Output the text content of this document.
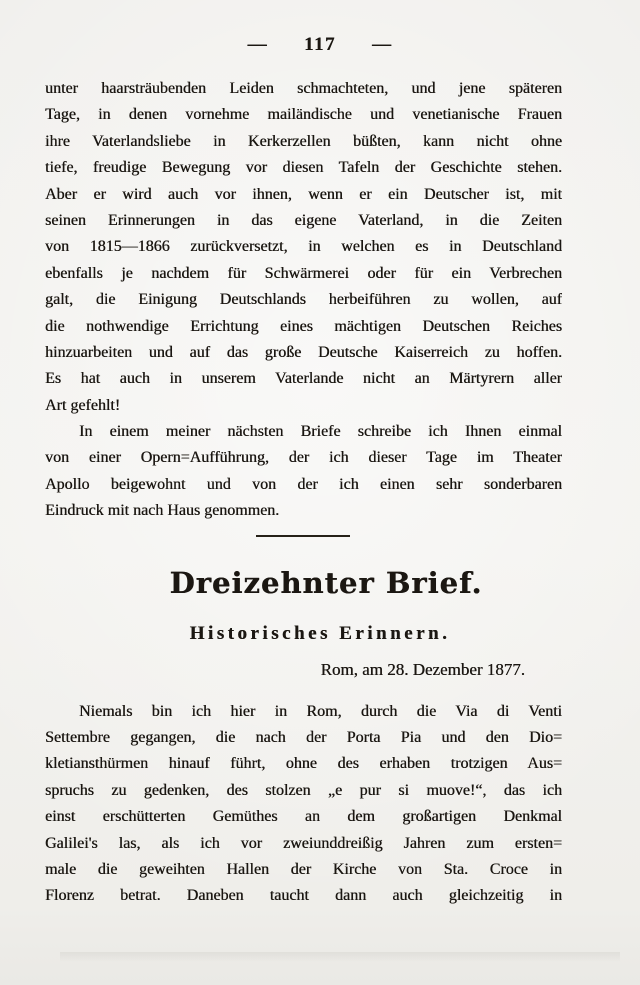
— 117 —
unter haarsträubenden Leiden schmachteten, und jene späteren
Tage, in denen vornehme mailändische und venetianische Frauen
ihre Vaterlandsliebe in Kerkerzellen büßten, kann nicht ohne
tiefe, freudige Bewegung vor diesen Tafeln der Geschichte stehen.
Aber er wird auch vor ihnen, wenn er ein Deutscher ist, mit
seinen Erinnerungen in das eigene Vaterland, in die Zeiten
von 1815—1866 zurückversetzt, in welchen es in Deutschland
ebenfalls je nachdem für Schwärmerei oder für ein Verbrechen
galt, die Einigung Deutschlands herbeiführen zu wollen, auf
die nothwendige Errichtung eines mächtigen Deutschen Reiches
hinzuarbeiten und auf das große Deutsche Kaiserreich zu hoffen.
Es hat auch in unserem Vaterlande nicht an Märtyrern aller
Art gefehlt!
In einem meiner nächsten Briefe schreibe ich Ihnen einmal
von einer Opern=Aufführung, der ich dieser Tage im Theater
Apollo beigewohnt und von der ich einen sehr sonderbaren
Eindruck mit nach Haus genommen.
Dreizehnter Brief.
Historisches Erinnern.
Rom, am 28. Dezember 1877.
Niemals bin ich hier in Rom, durch die Via di Venti
Settembre gegangen, die nach der Porta Pia und den Dio=
kletiansthürmen hinauf führt, ohne des erhaben trotzigen Aus=
spruchs zu gedenken, des stolzen „e pur si muove!“, das ich
einst erschütterten Gemüthes an dem großartigen Denkmal
Galilei's las, als ich vor zweiunddreißig Jahren zum ersten=
male die geweihten Hallen der Kirche von Sta. Croce in
Florenz betrat. Daneben taucht dann auch gleichzeitig in
